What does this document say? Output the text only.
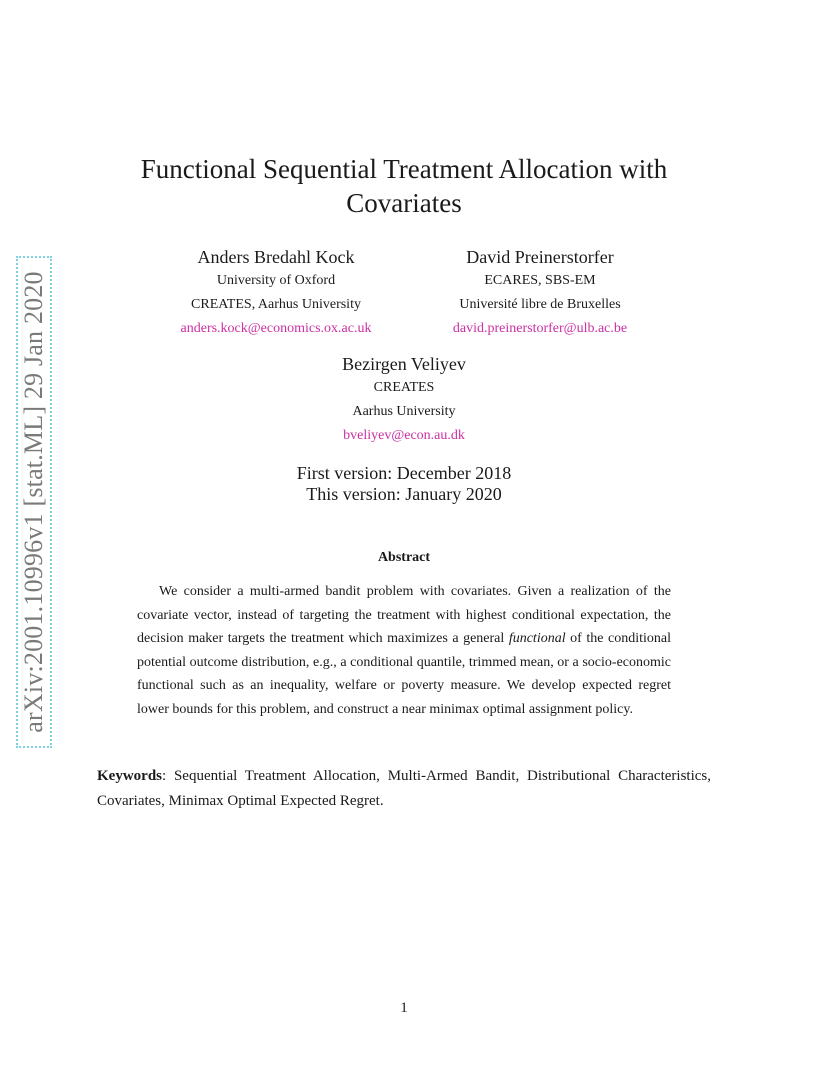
arXiv:2001.10996v1 [stat.ML] 29 Jan 2020
Functional Sequential Treatment Allocation with
Covariates
Anders Bredahl Kock
University of Oxford
CREATES, Aarhus University
anders.kock@economics.ox.ac.uk
David Preinerstorfer
ECARES, SBS-EM
Université libre de Bruxelles
david.preinerstorfer@ulb.ac.be
Bezirgen Veliyev
CREATES
Aarhus University
bveliyev@econ.au.dk
First version: December 2018
This version: January 2020
Abstract

We consider a multi-armed bandit problem with covariates. Given a realization of the covariate vector, instead of targeting the treatment with highest conditional expectation, the decision maker targets the treatment which maximizes a general functional of the conditional potential outcome distribution, e.g., a conditional quantile, trimmed mean, or a socio-economic functional such as an inequality, welfare or poverty measure. We develop expected regret lower bounds for this problem, and construct a near minimax optimal assignment policy.

Keywords: Sequential Treatment Allocation, Multi-Armed Bandit, Distributional Characteristics, Covariates, Minimax Optimal Expected Regret.

1
